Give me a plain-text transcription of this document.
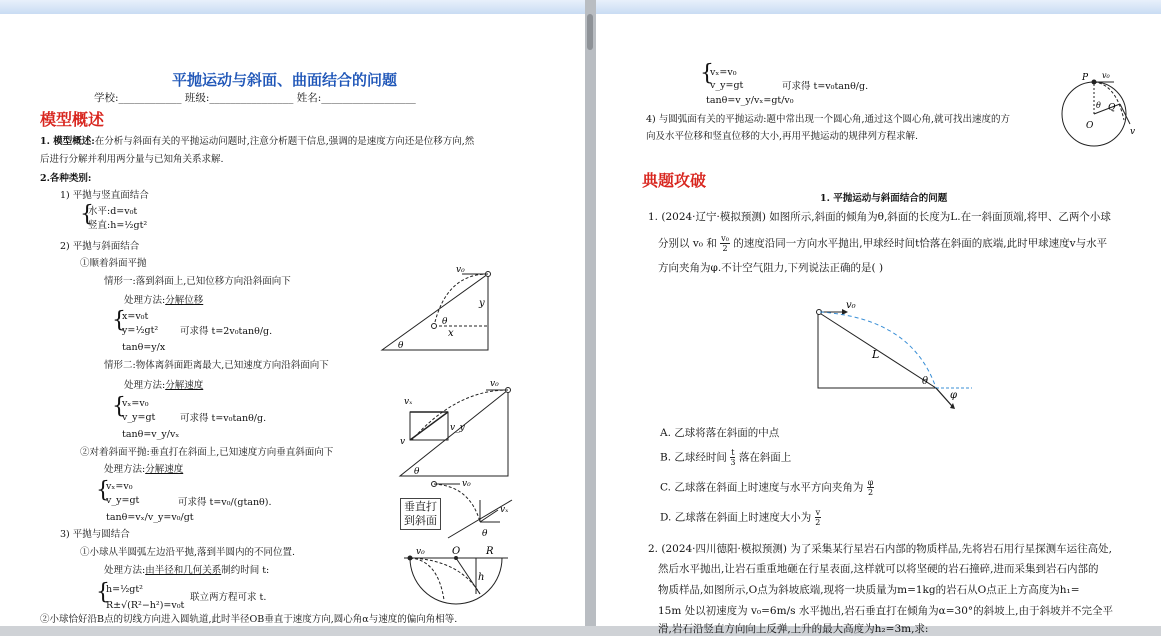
平抛运动与斜面、曲面结合的问题
学校:____________ 班级:________________ 姓名:__________________
模型概述
1. 模型概述:在分析与斜面有关的平抛运动问题时,注意分析题干信息,强调的是速度方向还是位移方向,然
后进行分解并利用两分量与已知角关系求解.
2.各种类别:
1) 平抛与竖直面结合
{
水平:d=v₀t
竖直:h=½gt²
2) 平抛与斜面结合
①顺着斜面平抛
情形一:落到斜面上,已知位移方向沿斜面向下
处理方法:分解位移
{
x=v₀t
y=½gt²
tanθ=y/x
可求得 t=2v₀tanθ/g.
情形二:物体离斜面距离最大,已知速度方向沿斜面向下
处理方法:分解速度
{
vₓ=v₀
v_y=gt
tanθ=v_y/vₓ
可求得 t=v₀tanθ/g.
②对着斜面平抛:垂直打在斜面上,已知速度方向垂直斜面向下
处理方法:分解速度
{
vₓ=v₀
v_y=gt
tanθ=vₓ/v_y=v₀/gt
可求得 t=v₀/(gtanθ).
3) 平抛与圆结合
①小球从半圆弧左边沿平抛,落到半圆内的不同位置.
处理方法:由半径和几何关系制约时间 t:
{
h=½gt²
R±√(R²−h²)=v₀t
联立两方程可求 t.
②小球恰好沿B点的切线方向进入圆轨道,此时半径OB垂直于速度方向,圆心角α与速度的偏向角相等.
v₀
y
x
θ
θ
vₓ
v_y
v
v₀
θ
v₀
vₓ
θ
垂直打
到斜面
v₀	O	R
h
{
vₓ=v₀
v_y=gt
tanθ=v_y/vₓ=gt/v₀
可求得 t=v₀tanθ/g.
4) 与圆弧面有关的平抛运动:题中常出现一个圆心角,通过这个圆心角,就可找出速度的方
向及水平位移和竖直位移的大小,再用平抛运动的规律列方程求解.
P v₀
Q
θ
O
v
典题攻破
1. 平抛运动与斜面结合的问题
1. (2024·辽宁·模拟预测) 如图所示,斜面的倾角为θ,斜面的长度为L.在一斜面顶端,将甲、乙两个小球
分别以 v₀ 和 $\frac{\text{v₀}}{2}$ 的速度沿同一方向水平抛出,甲球经时间t恰落在斜面的底端,此时甲球速度v与水平
方向夹角为φ.不计空气阻力,下列说法正确的是( )
v₀
L
θ
φ
A. 乙球将落在斜面的中点
B. 乙球经时间 $\frac{t}{3}$ 落在斜面上
C. 乙球落在斜面上时速度与水平方向夹角为 $\frac{\varphi}{2}$
D. 乙球落在斜面上时速度大小为 $\frac{v}{2}$
2. (2024·四川德阳·模拟预测) 为了采集某行星岩石内部的物质样品,先将岩石用行星探测车运往高处,
然后水平抛出,让岩石重重地砸在行星表面,这样就可以将坚硬的岩石撞碎,进而采集到岩石内部的
物质样品,如图所示,O点为斜坡底端,现将一块质量为m=1kg的岩石从O点正上方高度为h₁=
15m 处以初速度为 v₀=6m/s 水平抛出,岩石垂直打在倾角为α=30°的斜坡上,由于斜坡并不完全平
滑,岩石沿竖直方向向上反弹,上升的最大高度为h₂=3m,求:
